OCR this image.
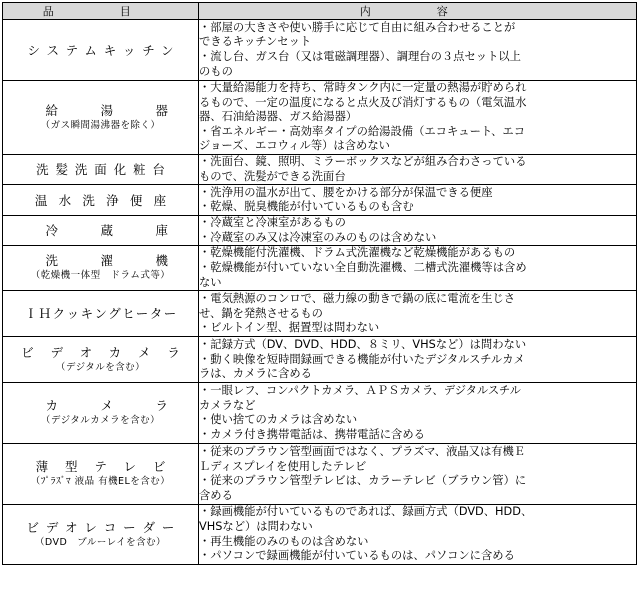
品　目	内　容

システムキッチン	・部屋の大きさや使い勝手に応じて自由に組み合わせることが
できるキッチンセット
・流し台、ガス台（又は電磁調理器）、調理台の３点セット以上
のもの

給湯器
（ガス瞬間湯沸器を除く）	・大量給湯能力を持ち、常時タンク内に一定量の熱湯が貯められ
るもので、一定の温度になると点火及び消灯するもの（電気温水
器、石油給湯器、ガス給湯器）
・省エネルギー・高効率タイプの給湯設備（エコキュート、エコ
ジョーズ、エコウィル等）は含めない

洗髪洗面化粧台	・洗面台、鏡、照明、ミラーボックスなどが組み合わさっている
もので、洗髪ができる洗面台

温水洗浄便座	・洗浄用の温水が出て、腰をかける部分が保温できる便座
・乾燥、脱臭機能が付いているものも含む

冷蔵庫	・冷蔵室と冷凍室があるもの
・冷蔵室のみ又は冷凍室のみのものは含めない

洗濯機
（乾燥機一体型　ドラム式等）	・乾燥機能付洗濯機、ドラム式洗濯機など乾燥機能があるもの
・乾燥機能が付いていない全自動洗濯機、二槽式洗濯機等は含め
ない

ＩＨクッキングヒーター	・電気熱源のコンロで、磁力線の動きで鍋の底に電流を生じさ
せ、鍋を発熱させるもの
・ビルトイン型、据置型は問わない

ビデオカメラ
（デジタルを含む）	・記録方式（DV、DVD、HDD、８ミリ、VHSなど）は問わない
・動く映像を短時間録画できる機能が付いたデジタルスチルカメ
ラは、カメラに含める

カメラ
（デジタルカメラを含む）	・一眼レフ、コンパクトカメラ、ＡＰＳカメラ、デジタルスチル
カメラなど
・使い捨てのカメラは含めない
・カメラ付き携帯電話は、携帯電話に含める

薄型テレビ
（ﾌﾟﾗｽﾞﾏ 液晶 有機ELを含む）	・従来のブラウン管型画面ではなく、プラズマ、液晶又は有機Ｅ
Ｌディスプレイを使用したテレビ
・従来のブラウン管型テレビは、カラーテレビ（ブラウン管）に
含める

ビデオレコーダー
（DVD　ブルーレイを含む）	・録画機能が付いているものであれば、録画方式（DVD、HDD、
VHSなど）は問わない
・再生機能のみのものは含めない
・パソコンで録画機能が付いているものは、パソコンに含める
